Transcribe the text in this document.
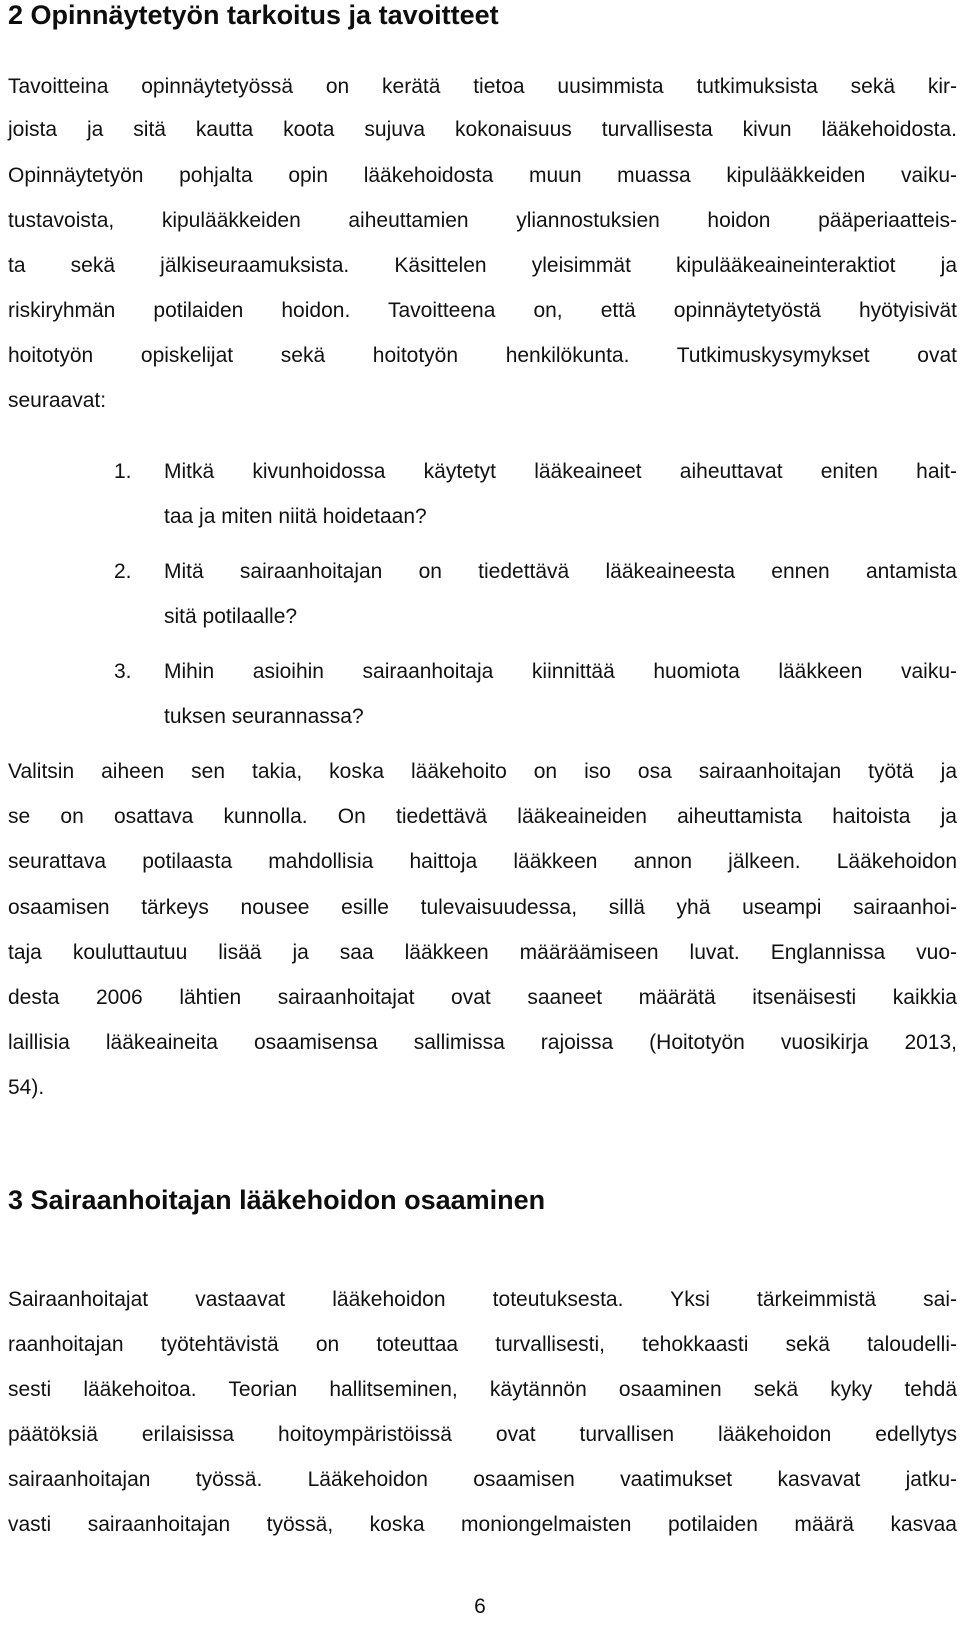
2 Opinnäytetyön tarkoitus ja tavoitteet

Tavoitteina opinnäytetyössä on kerätä tietoa uusimmista tutkimuksista sekä kir-

joista ja sitä kautta koota sujuva kokonaisuus turvallisesta kivun lääkehoidosta.

Opinnäytetyön pohjalta opin lääkehoidosta muun muassa kipulääkkeiden vaiku-

tustavoista, kipulääkkeiden aiheuttamien yliannostuksien hoidon pääperiaatteis-

ta sekä jälkiseuraamuksista. Käsittelen yleisimmät kipulääkeaineinteraktiot ja

riskiryhmän potilaiden hoidon. Tavoitteena on, että opinnäytetyöstä hyötyisivät

hoitotyön opiskelijat sekä hoitotyön henkilökunta. Tutkimuskysymykset ovat

seuraavat:

1. Mitkä kivunhoidossa käytetyt lääkeaineet aiheuttavat eniten hait-

taa ja miten niitä hoidetaan?

2. Mitä sairaanhoitajan on tiedettävä lääkeaineesta ennen antamista

sitä potilaalle?

3. Mihin asioihin sairaanhoitaja kiinnittää huomiota lääkkeen vaiku-

tuksen seurannassa?

Valitsin aiheen sen takia, koska lääkehoito on iso osa sairaanhoitajan työtä ja

se on osattava kunnolla. On tiedettävä lääkeaineiden aiheuttamista haitoista ja

seurattava potilaasta mahdollisia haittoja lääkkeen annon jälkeen. Lääkehoidon

osaamisen tärkeys nousee esille tulevaisuudessa, sillä yhä useampi sairaanhoi-

taja kouluttautuu lisää ja saa lääkkeen määräämiseen luvat. Englannissa vuo-

desta 2006 lähtien sairaanhoitajat ovat saaneet määrätä itsenäisesti kaikkia

laillisia lääkeaineita osaamisensa sallimissa rajoissa (Hoitotyön vuosikirja 2013,

54).

3 Sairaanhoitajan lääkehoidon osaaminen

Sairaanhoitajat vastaavat lääkehoidon toteutuksesta. Yksi tärkeimmistä sai-

raanhoitajan työtehtävistä on toteuttaa turvallisesti, tehokkaasti sekä taloudelli-

sesti lääkehoitoa. Teorian hallitseminen, käytännön osaaminen sekä kyky tehdä

päätöksiä erilaisissa hoitoympäristöissä ovat turvallisen lääkehoidon edellytys

sairaanhoitajan työssä. Lääkehoidon osaamisen vaatimukset kasvavat jatku-

vasti sairaanhoitajan työssä, koska moniongelmaisten potilaiden määrä kasvaa

6
